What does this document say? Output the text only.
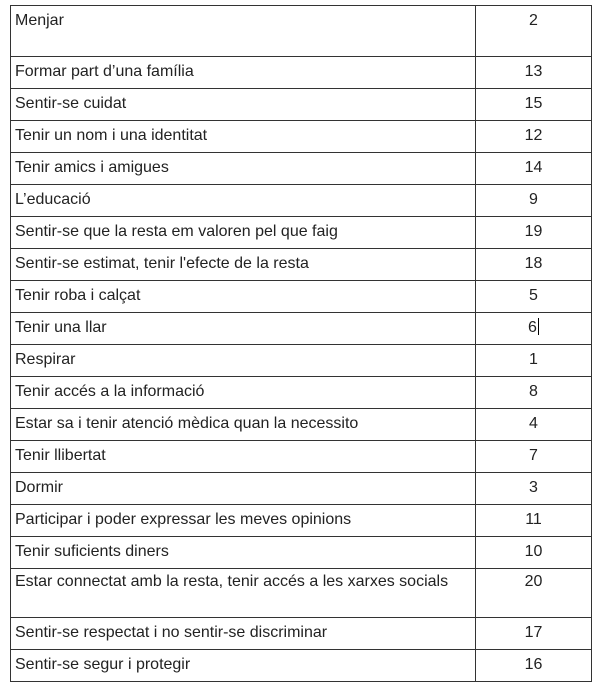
Menjar	2
Formar part d’una família	13
Sentir-se cuidat	15
Tenir un nom i una identitat	12
Tenir amics i amigues	14
L’educació	9
Sentir-se que la resta em valoren pel que faig	19
Sentir-se estimat, tenir l'efecte de la resta	18
Tenir roba i calçat	5
Tenir una llar	6

Respirar	1
Tenir accés a la informació	8
Estar sa i tenir atenció mèdica quan la necessito	4
Tenir llibertat	7
Dormir	3
Participar i poder expressar les meves opinions	11
Tenir suficients diners	10
Estar connectat amb la resta, tenir accés a les xarxes socials	20
Sentir-se respectat i no sentir-se discriminar	17
Sentir-se segur i protegir	16
